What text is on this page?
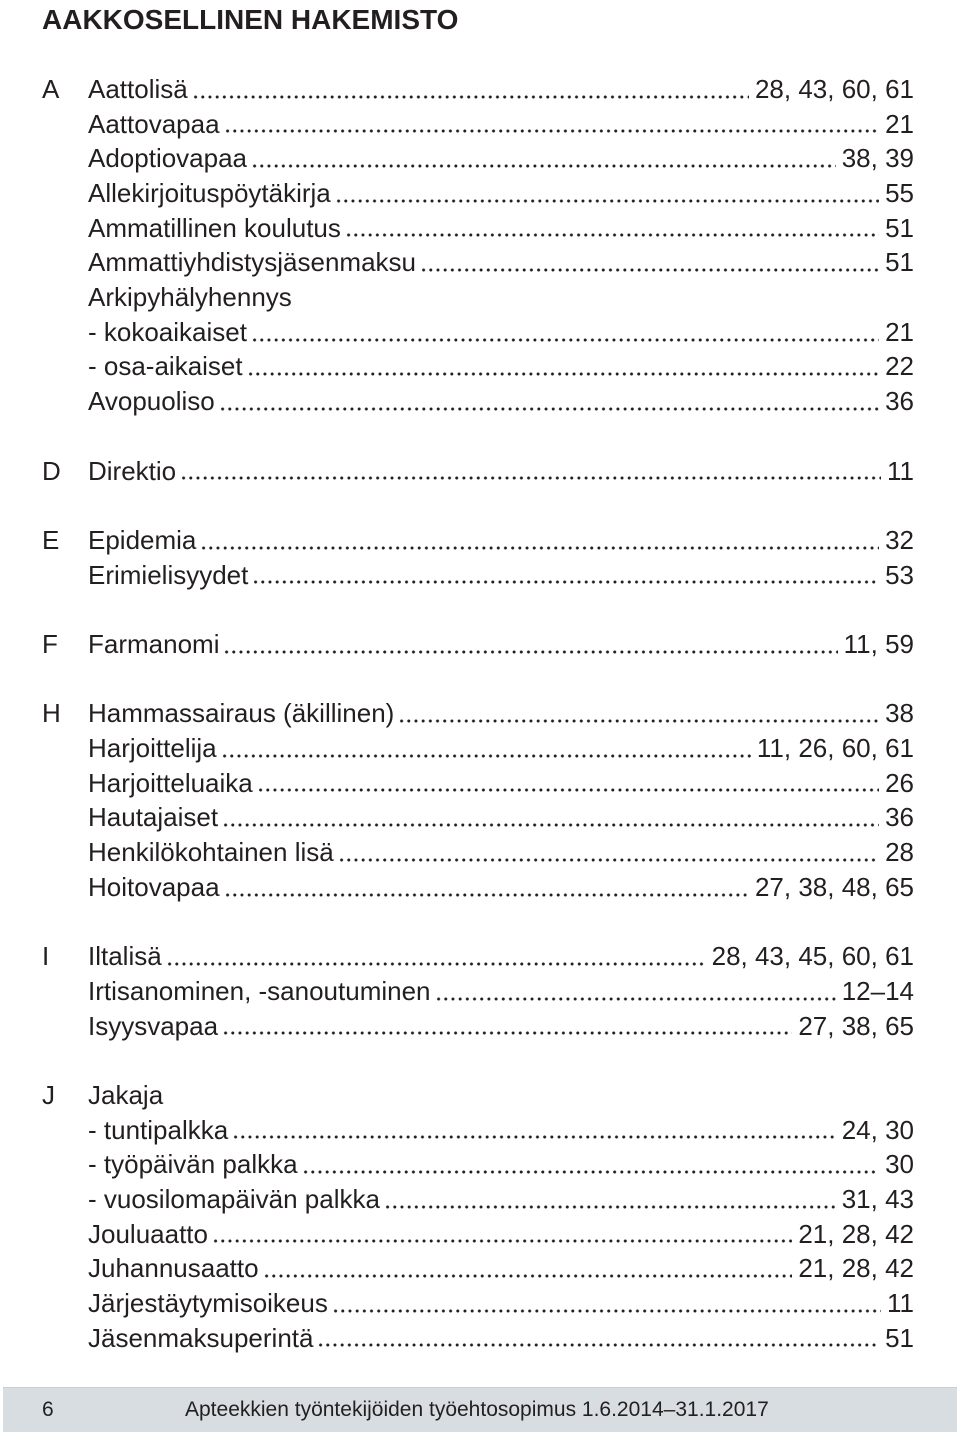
AAKKOSELLINEN HAKEMISTO
A Aattolisä	28, 43, 60, 61
Aattovapaa	21
Adoptiovapaa	38, 39
Allekirjoituspöytäkirja	55
Ammatillinen koulutus	51
Ammattiyhdistysjäsenmaksu	51
Arkipyhälyhennys
- kokoaikaiset	21
- osa-aikaiset	22
Avopuoliso	36
D Direktio	11
E Epidemia	32
Erimielisyydet	53
F Farmanomi	11, 59
H Hammassairaus (äkillinen)	38
Harjoittelija	11, 26, 60, 61
Harjoitteluaika	26
Hautajaiset	36
Henkilökohtainen lisä	28
Hoitovapaa	27, 38, 48, 65
I Iltalisä	28, 43, 45, 60, 61
Irtisanominen, -sanoutuminen	12–14
Isyysvapaa	27, 38, 65
J Jakaja
- tuntipalkka	24, 30
- työpäivän palkka	30
- vuosilomapäivän palkka	31, 43
Jouluaatto	21, 28, 42
Juhannusaatto	21, 28, 42
Järjestäytymisoikeus	11
Jäsenmaksuperintä	51
6	Apteekkien työntekijöiden työehtosopimus 1.6.2014–31.1.2017
